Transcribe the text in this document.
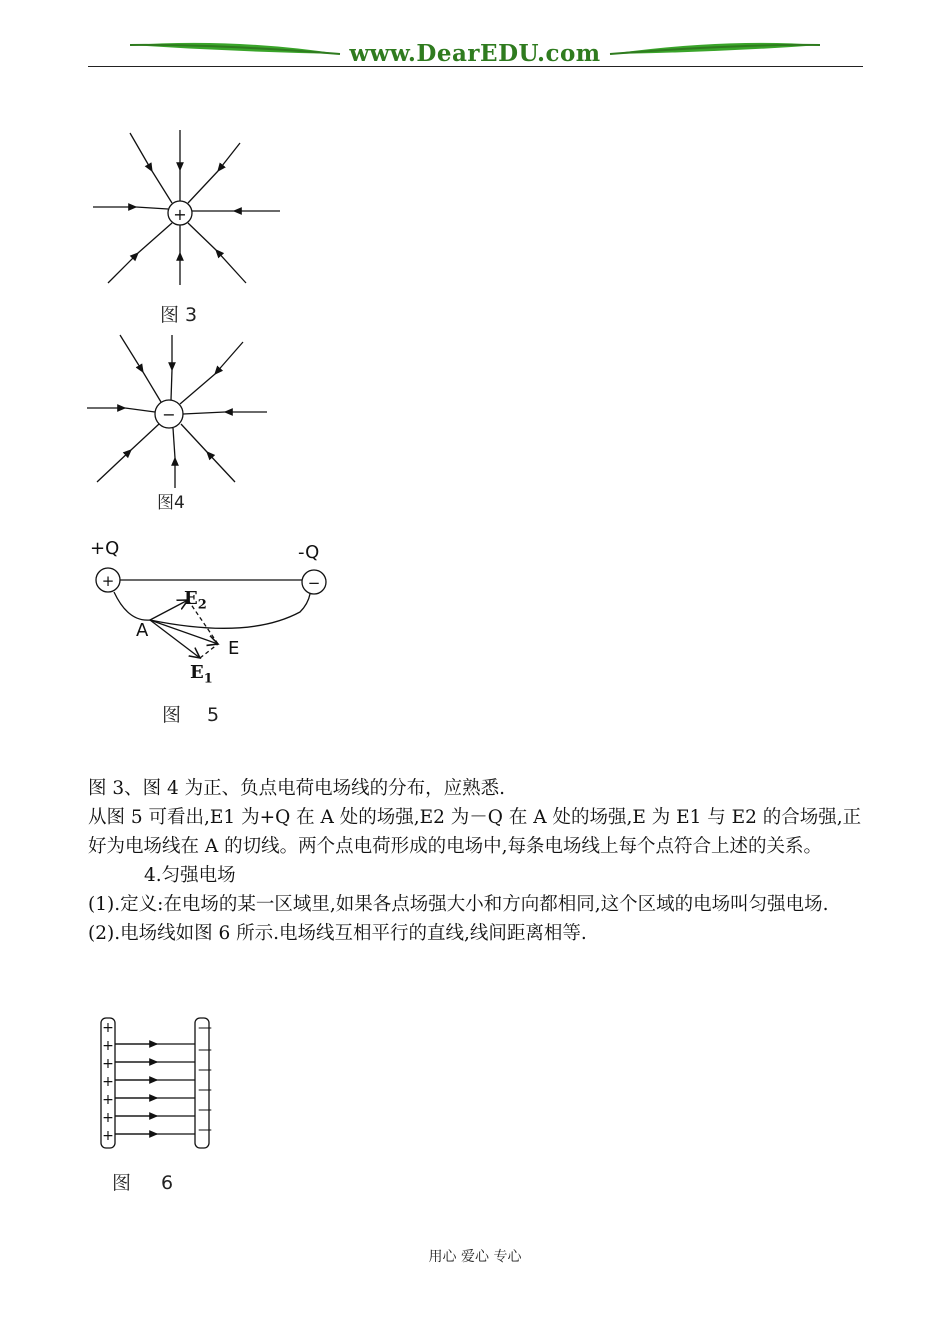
www.DearEDU.com
+
图 3
−
图4
+Q	-Q
+	−
$E_2$
A
E
$E_1$
图 5

图 3、图 4 为正、负点电荷电场线的分布，应熟悉.

从图 5 可看出,E1 为+Q 在 A 处的场强,E2 为－Q 在 A 处的场强,E 为 E1 与 E2 的合场强,正好为电场线在 A 的切线。两个点电荷形成的电场中,每条电场线上每个点符合上述的关系。

4.匀强电场

(1).定义:在电场的某一区域里,如果各点场强大小和方向都相同,这个区域的电场叫匀强电场.

(2).电场线如图 6 所示.电场线互相平行的直线,线间距离相等.

+
+
+
+
+
+
+
—
—
—
—
—
—
图 6
用心 爱心 专心
